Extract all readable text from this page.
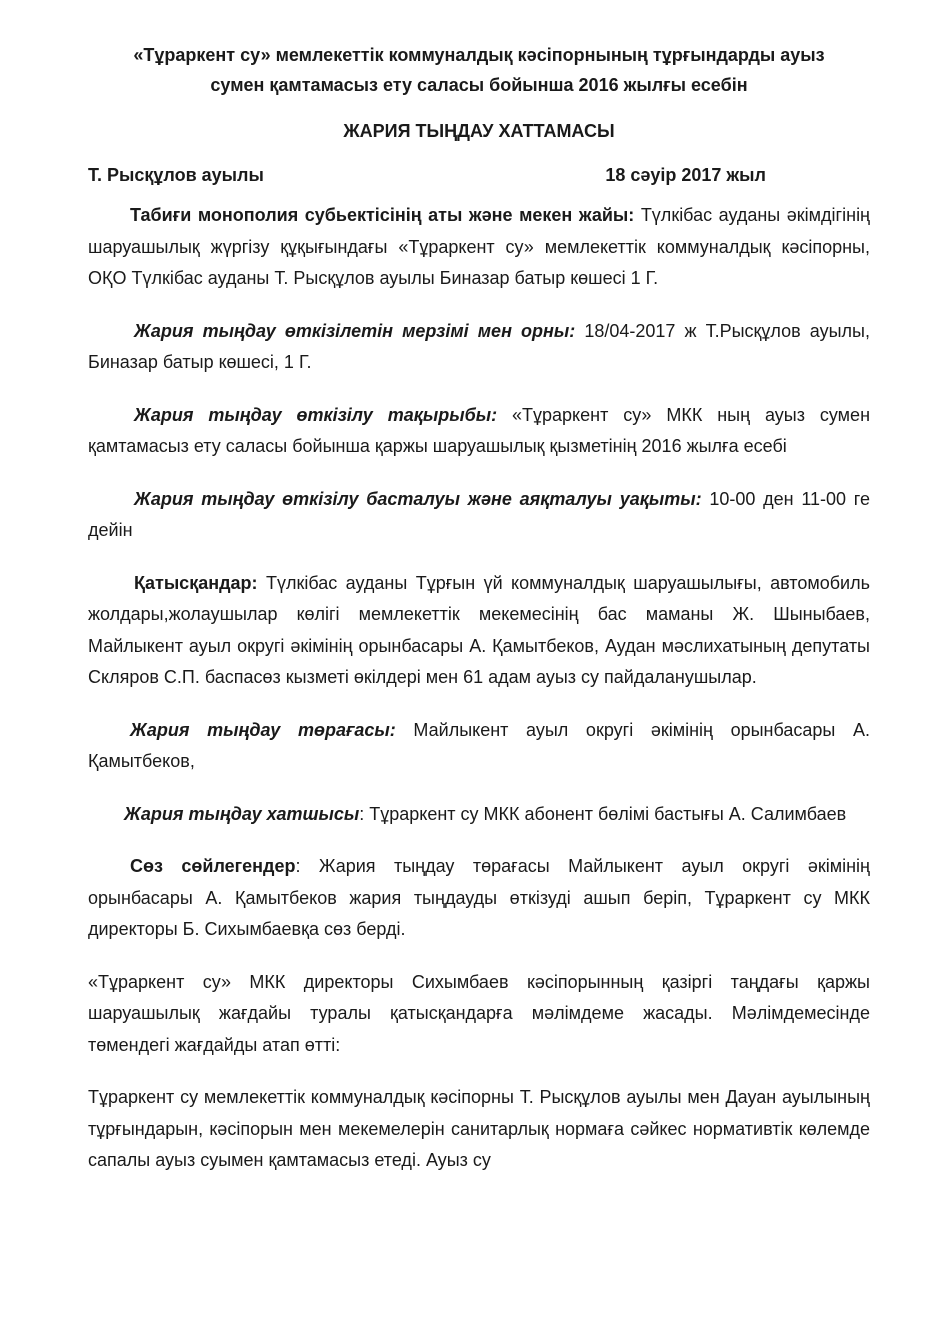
«Тұраркент су» мемлекеттік коммуналдық кәсіпорнының тұрғындарды ауыз
сумен қамтамасыз ету саласы бойынша 2016 жылғы есебін

ЖАРИЯ ТЫҢДАУ ХАТТАМАСЫ

Т. Рысқұлов ауылы	18 сәуір 2017 жыл

Табиғи монополия субьектісінің аты және мекен жайы: Түлкібас ауданы әкімдігінің шаруашылық жүргізу құқығындағы «Тұраркент су» мемлекеттік коммуналдық кәсіпорны, ОҚО Түлкібас ауданы Т. Рысқұлов ауылы Биназар батыр көшесі 1 Г.

Жария тыңдау өткізілетін мерзімі мен орны: 18/04-2017 ж Т.Рысқұлов ауылы, Биназар батыр көшесі, 1 Г.

Жария тыңдау өткізілу тақырыбы: «Тұраркент су» МКК ның ауыз сумен қамтамасыз ету саласы бойынша қаржы шаруашылық қызметінің 2016 жылға есебі

Жария тыңдау өткізілу басталуы және аяқталуы уақыты: 10-00 ден 11-00 ге дейін

Қатысқандар: Түлкібас ауданы Тұрғын үй коммуналдық шаруашылығы, автомобиль жолдары,жолаушылар көлігі мемлекеттік мекемесінің бас маманы Ж. Шыныбаев, Майлыкент ауыл округі әкімінің орынбасары А. Қамытбеков, Аудан мәслихатының депутаты Скляров С.П. баспасөз кызметі өкілдері мен 61 адам ауыз су пайдаланушылар.

Жария тыңдау төрағасы: Майлыкент ауыл округі әкімінің орынбасары А. Қамытбеков,

Жария тыңдау хатшысы: Тұраркент су МКК абонент бөлімі бастығы А. Салимбаев

Сөз сөйлегендер: Жария тыңдау төрағасы Майлыкент ауыл округі әкімінің орынбасары А. Қамытбеков жария тыңдауды өткізуді ашып беріп, Тұраркент су МКК директоры Б. Сихымбаевқа сөз берді.

«Тұраркент су» МКК директоры Сихымбаев кәсіпорынның қазіргі таңдағы қаржы шаруашылық жағдайы туралы қатысқандарға мәлімдеме жасады. Мәлімдемесінде төмендегі жағдайды атап өтті:

Тұраркент су мемлекеттік коммуналдық кәсіпорны Т. Рысқұлов ауылы мен Дауан ауылының тұрғындарын, кәсіпорын мен мекемелерін санитарлық нормаға сәйкес нормативтік көлемде сапалы ауыз суымен қамтамасыз етеді. Ауыз су
